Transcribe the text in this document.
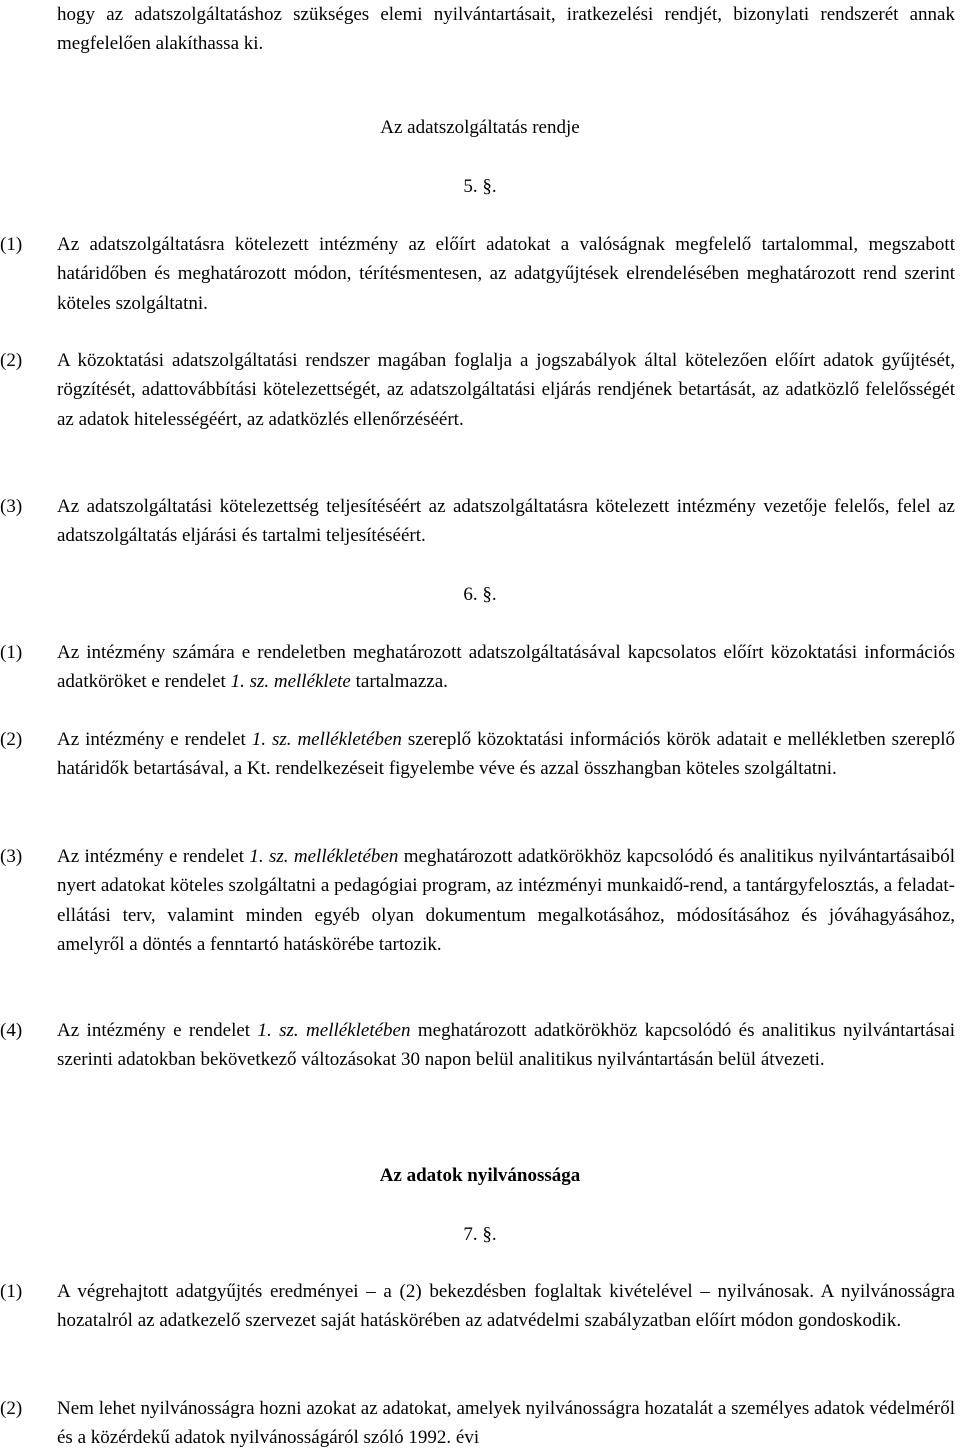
hogy az adatszolgáltatáshoz szükséges elemi nyilvántartásait, iratkezelési rendjét, bizonylati rendszerét annak megfelelően alakíthassa ki.
Az adatszolgáltatás rendje
5. §.
(1)	Az adatszolgáltatásra kötelezett intézmény az előírt adatokat a valóságnak megfelelő tartalommal, megszabott határidőben és meghatározott módon, térítésmentesen, az adatgyűjtések elrendelésében meghatározott rend szerint köteles szolgáltatni.
(2)	A közoktatási adatszolgáltatási rendszer magában foglalja a jogszabályok által kötelezően előírt adatok gyűjtését, rögzítését, adattovábbítási kötelezettségét, az adatszolgáltatási eljárás rendjének betartását, az adatközlő felelősségét az adatok hitelességéért, az adatközlés ellenőrzéséért.
(3)	Az adatszolgáltatási kötelezettség teljesítéséért az adatszolgáltatásra kötelezett intézmény vezetője felelős, felel az adatszolgáltatás eljárási és tartalmi teljesítéséért.
6. §.
(1)	Az intézmény számára e rendeletben meghatározott adatszolgáltatásával kapcsolatos előírt közoktatási információs adatköröket e rendelet 1. sz. melléklete tartalmazza.
(2)	Az intézmény e rendelet 1. sz. mellékletében szereplő közoktatási információs körök adatait e mellékletben szereplő határidők betartásával, a Kt. rendelkezéseit figyelembe véve és azzal összhangban köteles szolgáltatni.
(3)	Az intézmény e rendelet 1. sz. mellékletében meghatározott adatkörökhöz kapcsolódó és analitikus nyilvántartásaiból nyert adatokat köteles szolgáltatni a pedagógiai program, az intézményi munkaidő-rend, a tantárgyfelosztás, a feladat-ellátási terv, valamint minden egyéb olyan dokumentum megalkotásához, módosításához és jóváhagyásához, amelyről a döntés a fenntartó hatáskörébe tartozik.
(4)	Az intézmény e rendelet 1. sz. mellékletében meghatározott adatkörökhöz kapcsolódó és analitikus nyilvántartásai szerinti adatokban bekövetkező változásokat 30 napon belül analitikus nyilvántartásán belül átvezeti.
Az adatok nyilvánossága
7. §.
(1)	A végrehajtott adatgyűjtés eredményei – a (2) bekezdésben foglaltak kivételével – nyilvánosak. A nyilvánosságra hozatalról az adatkezelő szervezet saját hatáskörében az adatvédelmi szabályzatban előírt módon gondoskodik.
(2)	Nem lehet nyilvánosságra hozni azokat az adatokat, amelyek nyilvánosságra hozatalát a személyes adatok védelméről és a közérdekű adatok nyilvánosságáról szóló 1992. évi
